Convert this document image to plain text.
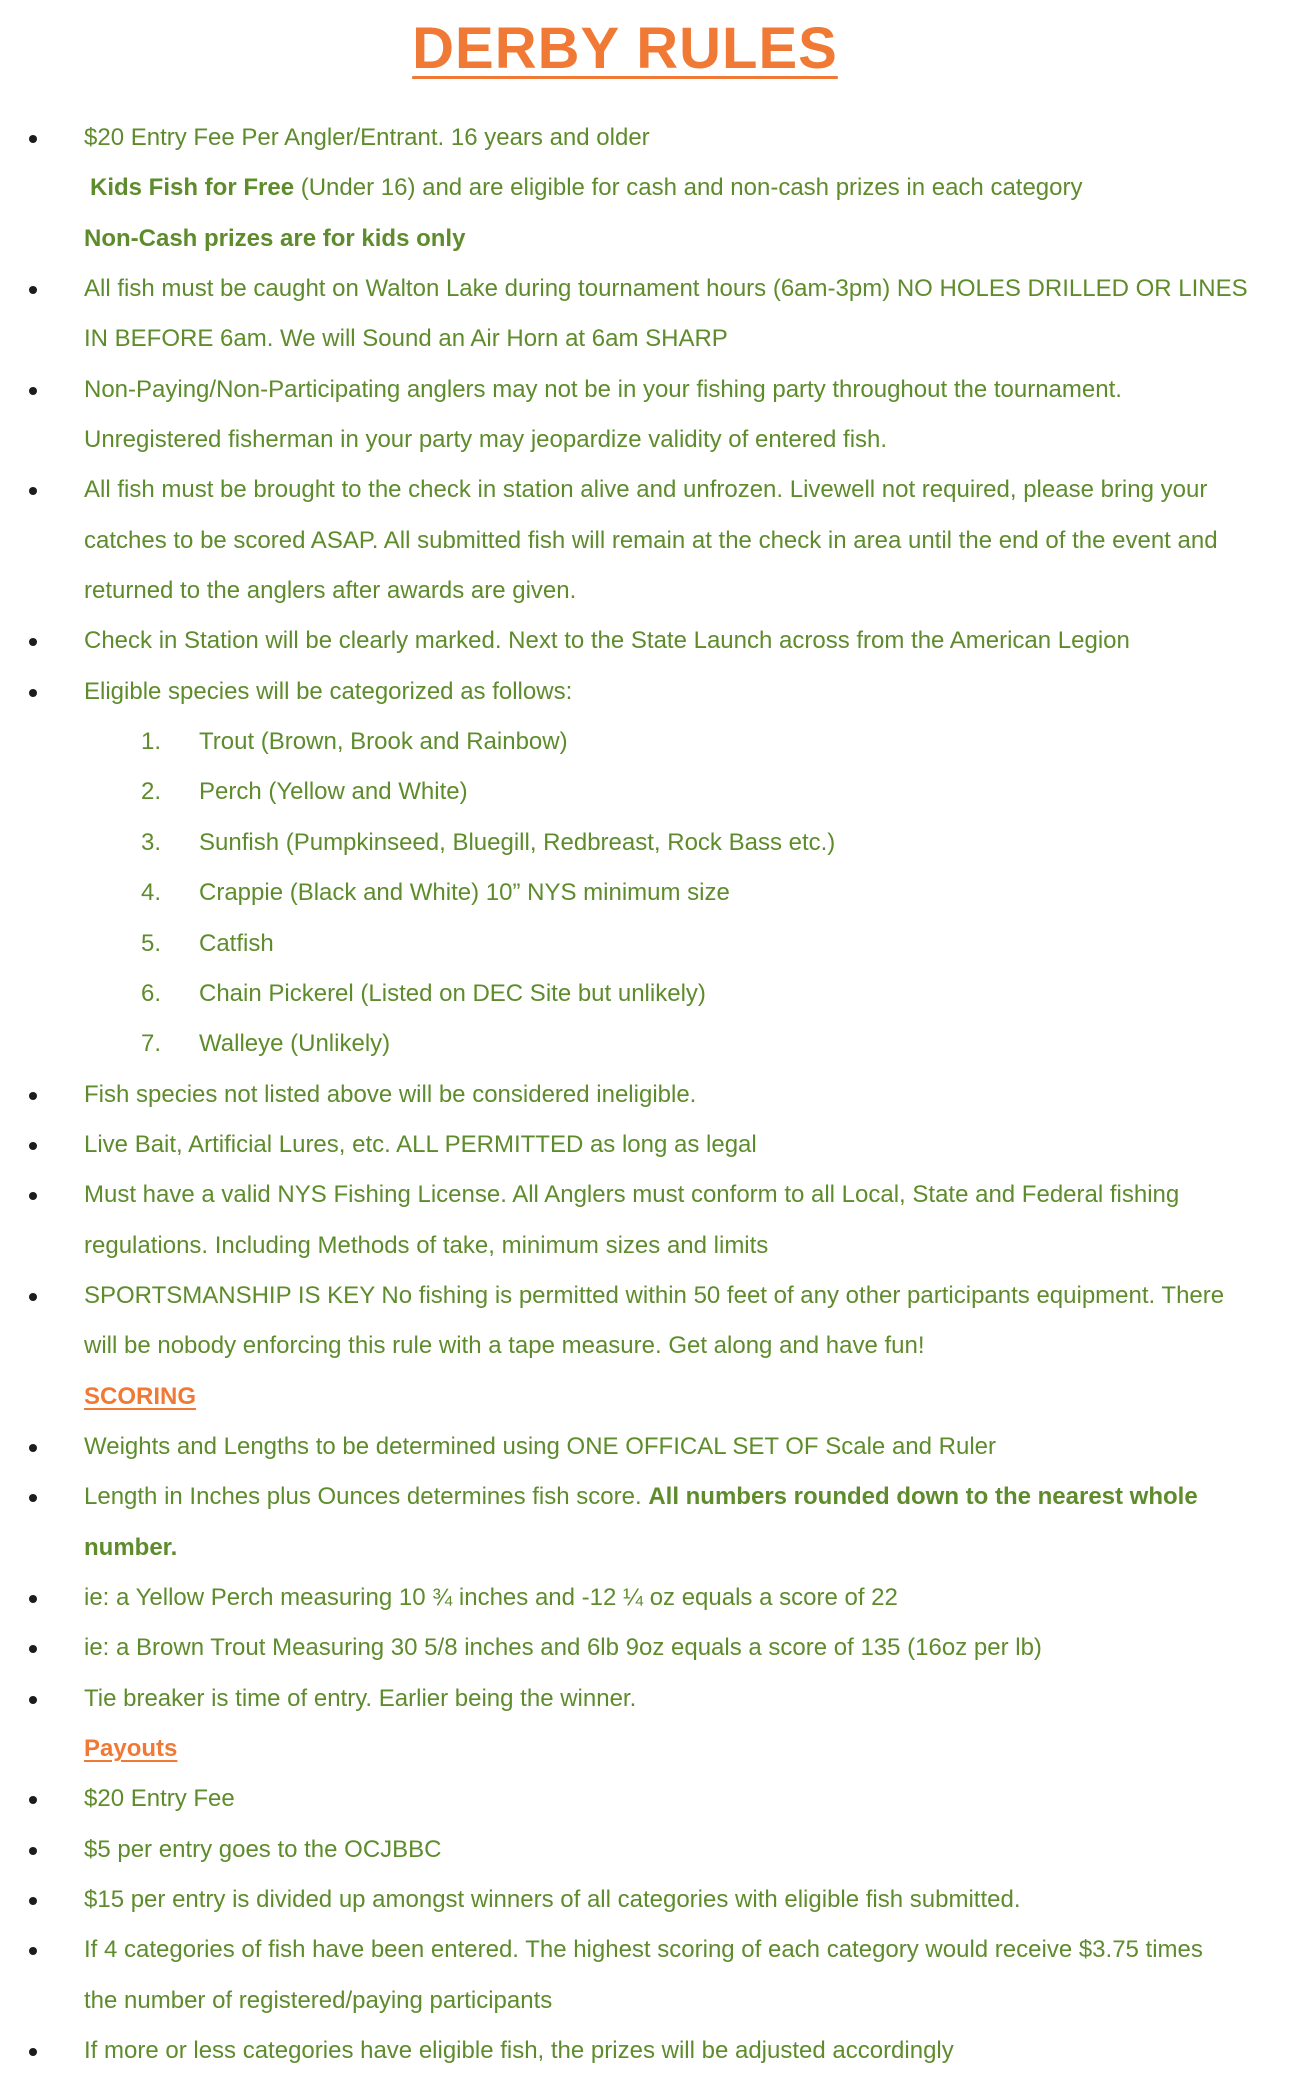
DERBY RULES
$20 Entry Fee Per Angler/Entrant. 16 years and older
Kids Fish for Free (Under 16) and are eligible for cash and non-cash prizes in each category
Non-Cash prizes are for kids only
All fish must be caught on Walton Lake during tournament hours (6am-3pm) NO HOLES DRILLED OR LINES
IN BEFORE 6am. We will Sound an Air Horn at 6am SHARP
Non-Paying/Non-Participating anglers may not be in your fishing party throughout the tournament.
Unregistered fisherman in your party may jeopardize validity of entered fish.
All fish must be brought to the check in station alive and unfrozen. Livewell not required, please bring your
catches to be scored ASAP. All submitted fish will remain at the check in area until the end of the event and
returned to the anglers after awards are given.
Check in Station will be clearly marked. Next to the State Launch across from the American Legion
Eligible species will be categorized as follows:
1.	Trout (Brown, Brook and Rainbow)
2.	Perch (Yellow and White)
3.	Sunfish (Pumpkinseed, Bluegill, Redbreast, Rock Bass etc.)
4.	Crappie (Black and White) 10” NYS minimum size
5.	Catfish
6.	Chain Pickerel (Listed on DEC Site but unlikely)
7.	Walleye (Unlikely)
Fish species not listed above will be considered ineligible.
Live Bait, Artificial Lures, etc. ALL PERMITTED as long as legal
Must have a valid NYS Fishing License. All Anglers must conform to all Local, State and Federal fishing
regulations. Including Methods of take, minimum sizes and limits
SPORTSMANSHIP IS KEY No fishing is permitted within 50 feet of any other participants equipment. There
will be nobody enforcing this rule with a tape measure. Get along and have fun!
SCORING
Weights and Lengths to be determined using ONE OFFICAL SET OF Scale and Ruler
Length in Inches plus Ounces determines fish score. All numbers rounded down to the nearest whole
number.
ie: a Yellow Perch measuring 10 ¾ inches and -12 ¼ oz equals a score of 22
ie: a Brown Trout Measuring 30 5/8 inches and 6lb 9oz equals a score of 135 (16oz per lb)
Tie breaker is time of entry. Earlier being the winner.
Payouts
$20 Entry Fee
$5 per entry goes to the OCJBBC
$15 per entry is divided up amongst winners of all categories with eligible fish submitted.
If 4 categories of fish have been entered. The highest scoring of each category would receive $3.75 times
the number of registered/paying participants
If more or less categories have eligible fish, the prizes will be adjusted accordingly
